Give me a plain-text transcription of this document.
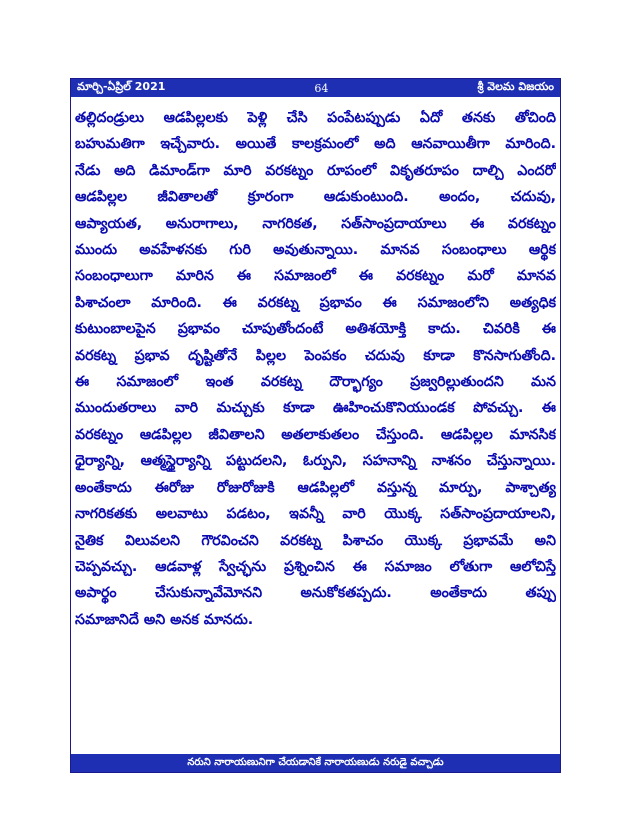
మార్చి-ఏప్రిల్ 2021	64	శ్రీ వెలమ విజయం
తల్లిదండ్రులు ఆడపిల్లలకు పెళ్లి చేసి పంపేటప్పుడు ఏదో తనకు తోచింది
బహుమతిగా ఇచ్చేవారు. అయితే కాలక్రమంలో అది ఆనవాయితీగా మారింది.
నేడు అది డిమాండ్‌గా మారి వరకట్నం రూపంలో వికృతరూపం దాల్చి ఎందరో
ఆడపిల్లల జీవితాలతో క్రూరంగా ఆడుకుంటుంది. అందం, చదువు,
ఆప్యాయత, అనురాగాలు, నాగరికత, సత్‌సాంప్రదాయాలు ఈ వరకట్నం
ముందు అవహేళనకు గురి అవుతున్నాయి. మానవ సంబంధాలు ఆర్థిక
సంబంధాలుగా మారిన ఈ సమాజంలో ఈ వరకట్నం మరో మానవ
పిశాచంలా మారింది. ఈ వరకట్న ప్రభావం ఈ సమాజంలోని అత్యధిక
కుటుంబాలపైన ప్రభావం చూపుతోందంటే అతిశయోక్తి కాదు. చివరికి ఈ
వరకట్న ప్రభావ దృష్టితోనే పిల్లల పెంపకం చదువు కూడా కొనసాగుతోంది.
ఈ సమాజంలో ఇంత వరకట్న దౌర్భాగ్యం ప్రజ్వరిల్లుతుందని మన
ముందుతరాలు వారి మచ్చుకు కూడా ఊహించుకొనియుండక పోవచ్చు. ఈ
వరకట్నం ఆడపిల్లల జీవితాలని అతలాకుతలం చేస్తుంది. ఆడపిల్లల మానసిక
ధైర్యాన్ని, ఆత్మస్థైర్యాన్ని పట్టుదలని, ఓర్పుని, సహనాన్ని నాశనం చేస్తున్నాయి.
అంతేకాదు ఈరోజు రోజురోజుకి ఆడపిల్లలో వస్తున్న మార్పు, పాశ్చాత్య
నాగరికతకు అలవాటు పడటం, ఇవన్నీ వారి యొక్క సత్‌సాంప్రదాయాలని,
నైతిక విలువలని గౌరవించని వరకట్న పిశాచం యొక్క ప్రభావమే అని
చెప్పవచ్చు. ఆడవాళ్ల స్వేచ్ఛను ప్రశ్నించిన ఈ సమాజం లోతుగా ఆలోచిస్తే
అపార్థం చేసుకున్నావేమోనని అనుకోకతప్పదు. అంతేకాదు తప్పు
సమాజానిదే అని అనక మానదు.
నరుని నారాయణునిగా చేయడానికే నారాయణుడు నరుడై వచ్చాడు
